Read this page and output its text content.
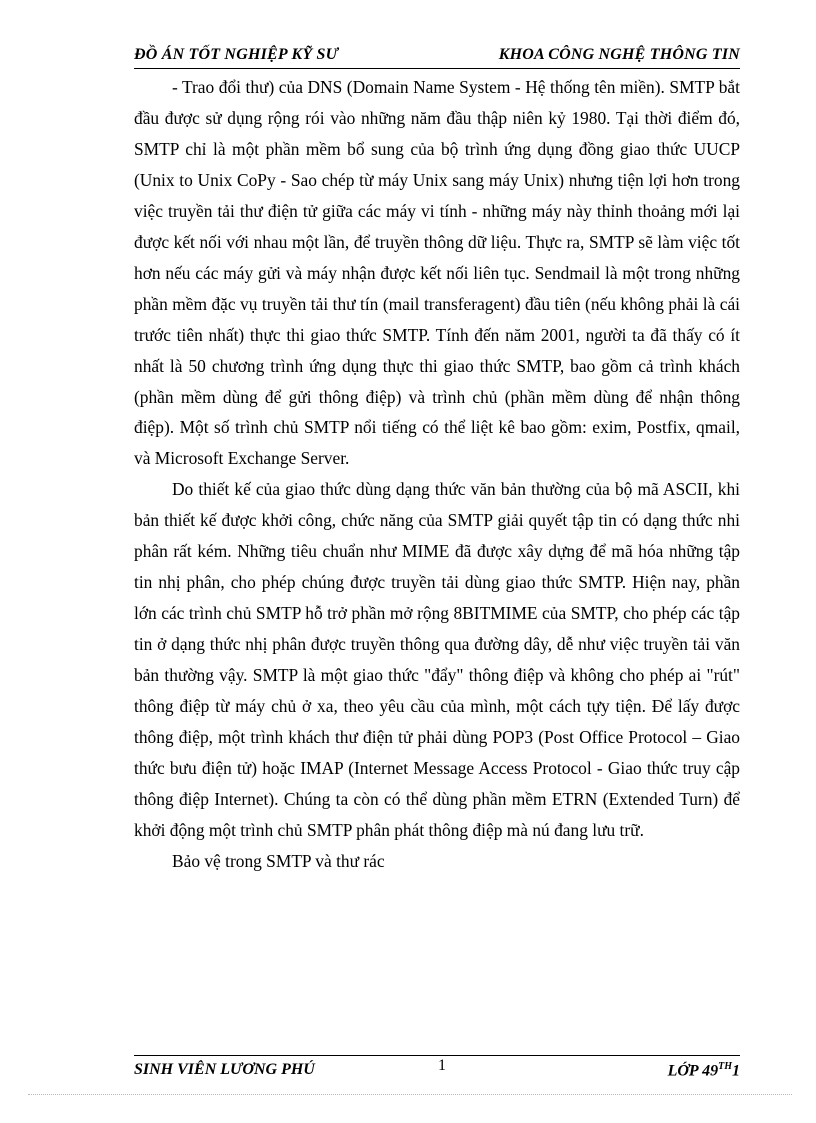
ĐỒ ÁN TỐT NGHIỆP KỸ SƯ	KHOA CÔNG NGHỆ THÔNG TIN

- Trao đổi thư) của DNS (Domain Name System - Hệ thống tên miền). SMTP bắt đầu được sử dụng rộng rói vào những năm đầu thập niên kỷ 1980. Tại thời điểm đó, SMTP chỉ là một phần mềm bổ sung của bộ trình ứng dụng đồng giao thức UUCP (Unix to Unix CoPy - Sao chép từ máy Unix sang máy Unix) nhưng tiện lợi hơn trong việc truyền tải thư điện tử giữa các máy vi tính - những máy này thỉnh thoảng mới lại được kết nối với nhau một lần, để truyền thông dữ liệu. Thực ra, SMTP sẽ làm việc tốt hơn nếu các máy gửi và máy nhận được kết nối liên tục. Sendmail là một trong những phần mềm đặc vụ truyền tải thư tín (mail transferagent) đầu tiên (nếu không phải là cái trước tiên nhất) thực thi giao thức SMTP. Tính đến năm 2001, người ta đã thấy có ít nhất là 50 chương trình ứng dụng thực thi giao thức SMTP, bao gồm cả trình khách (phần mềm dùng để gửi thông điệp) và trình chủ (phần mềm dùng để nhận thông điệp). Một số trình chủ SMTP nổi tiếng có thể liệt kê bao gồm: exim, Postfix, qmail, và Microsoft Exchange Server.

Do thiết kế của giao thức dùng dạng thức văn bản thường của bộ mã ASCII, khi bản thiết kế được khởi công, chức năng của SMTP giải quyết tập tin có dạng thức nhi phân rất kém. Những tiêu chuẩn như MIME đã được xây dựng để mã hóa những tập tin nhị phân, cho phép chúng được truyền tải dùng giao thức SMTP. Hiện nay, phần lớn các trình chủ SMTP hỗ trở phần mở rộng 8BITMIME của SMTP, cho phép các tập tin ở dạng thức nhị phân được truyền thông qua đường dây, dễ như việc truyền tải văn bản thường vậy. SMTP là một giao thức "đẩy" thông điệp và không cho phép ai "rút" thông điệp từ máy chủ ở xa, theo yêu cầu của mình, một cách tựy tiện. Để lấy được thông điệp, một trình khách thư điện tử phải dùng POP3 (Post Office Protocol – Giao thức bưu điện tử) hoặc IMAP (Internet Message Access Protocol - Giao thức truy cập thông điệp Internet). Chúng ta còn có thể dùng phần mềm ETRN (Extended Turn) để khởi động một trình chủ SMTP phân phát thông điệp mà nú đang lưu trữ.

Bảo vệ trong SMTP và thư rác

SINH VIÊN LƯƠNG PHÚ	1	LỚP 49TH1
